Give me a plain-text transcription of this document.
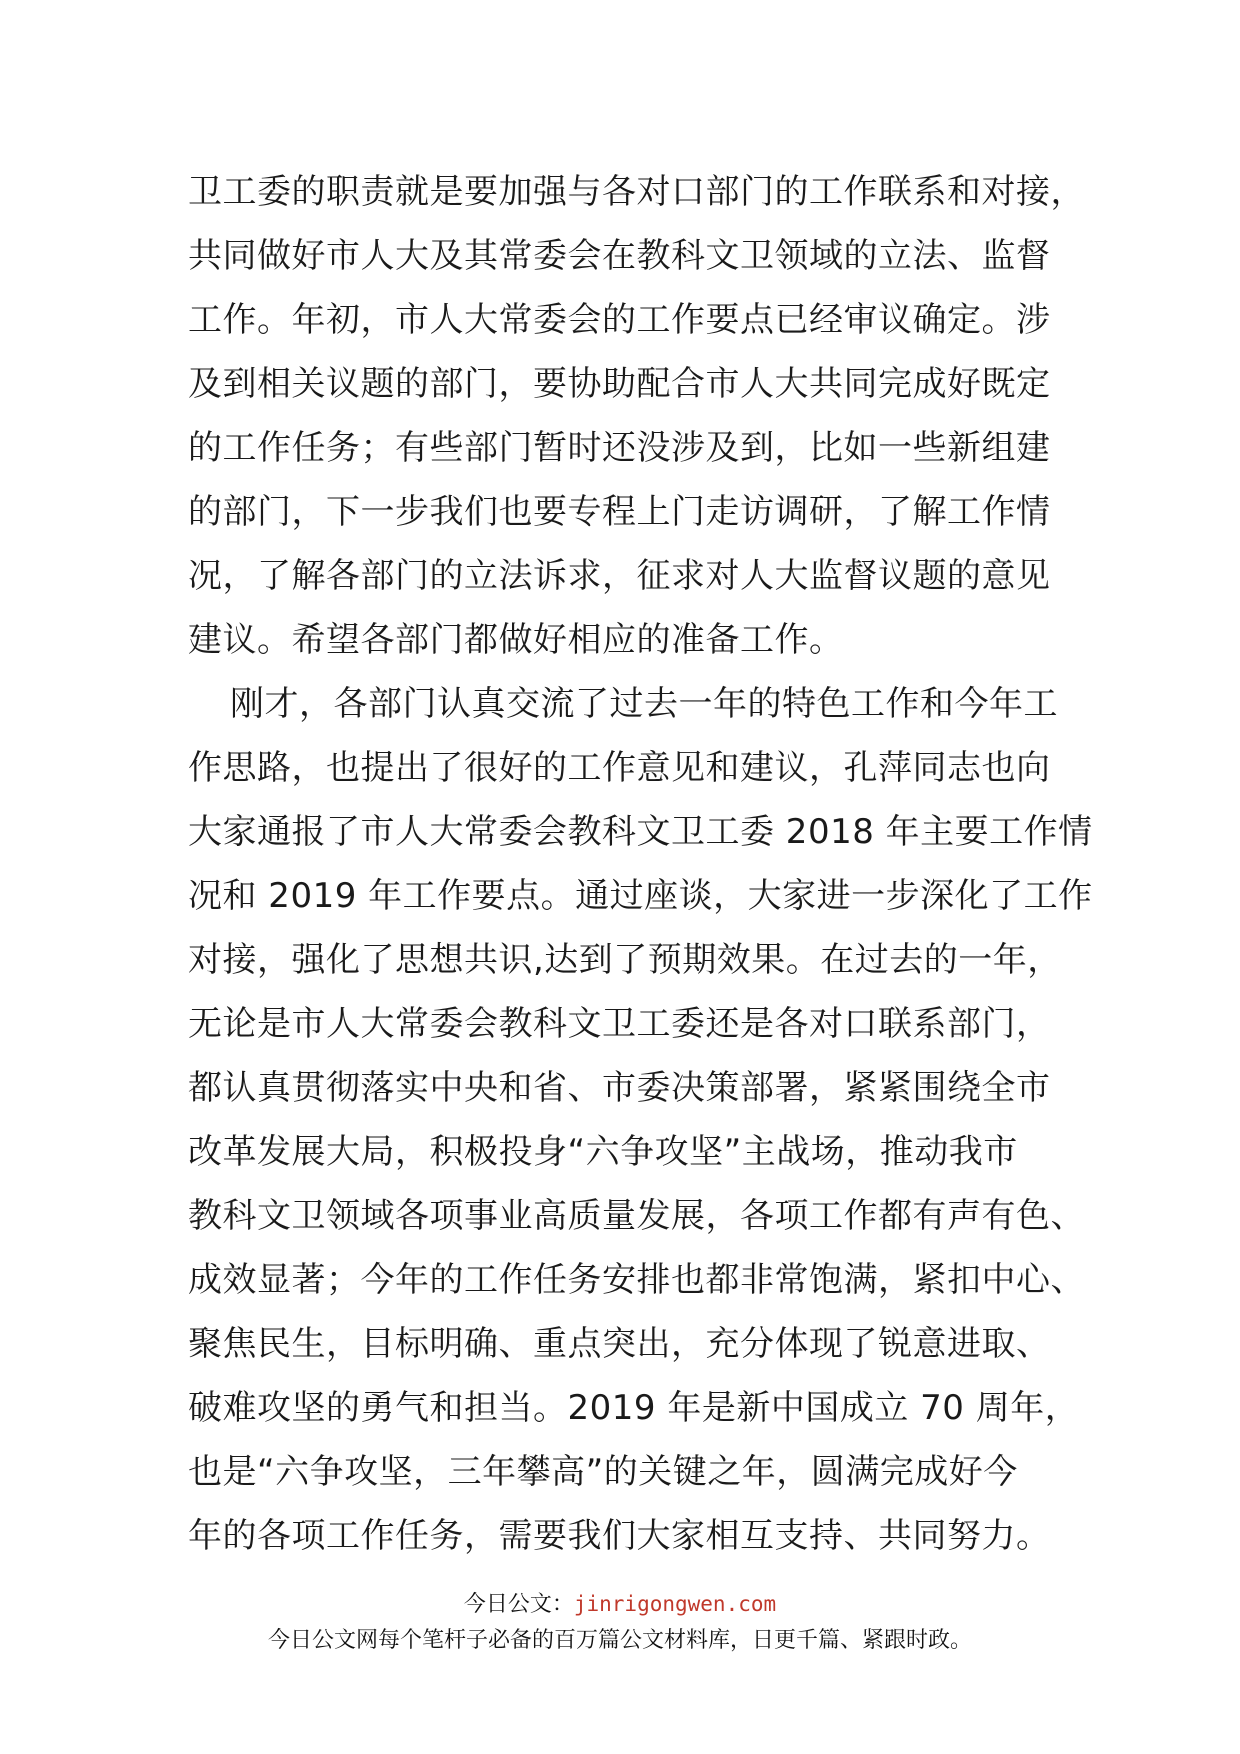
卫工委的职责就是要加强与各对口部门的工作联系和对接，
共同做好市人大及其常委会在教科文卫领域的立法、监督
工作。年初，市人大常委会的工作要点已经审议确定。涉
及到相关议题的部门，要协助配合市人大共同完成好既定
的工作任务；有些部门暂时还没涉及到，比如一些新组建
的部门，下一步我们也要专程上门走访调研，了解工作情
况，了解各部门的立法诉求，征求对人大监督议题的意见
建议。希望各部门都做好相应的准备工作。
刚才，各部门认真交流了过去一年的特色工作和今年工
作思路，也提出了很好的工作意见和建议，孔萍同志也向
大家通报了市人大常委会教科文卫工委 2018 年主要工作情
况和 2019 年工作要点。通过座谈，大家进一步深化了工作
对接，强化了思想共识,达到了预期效果。在过去的一年，
无论是市人大常委会教科文卫工委还是各对口联系部门，
都认真贯彻落实中央和省、市委决策部署，紧紧围绕全市
改革发展大局，积极投身“六争攻坚”主战场，推动我市
教科文卫领域各项事业高质量发展，各项工作都有声有色、
成效显著；今年的工作任务安排也都非常饱满，紧扣中心、
聚焦民生，目标明确、重点突出，充分体现了锐意进取、
破难攻坚的勇气和担当。2019 年是新中国成立 70 周年，
也是“六争攻坚，三年攀高”的关键之年，圆满完成好今
年的各项工作任务，需要我们大家相互支持、共同努力。
今日公文：jinrigongwen.com
今日公文网每个笔杆子必备的百万篇公文材料库，日更千篇、紧跟时政。
